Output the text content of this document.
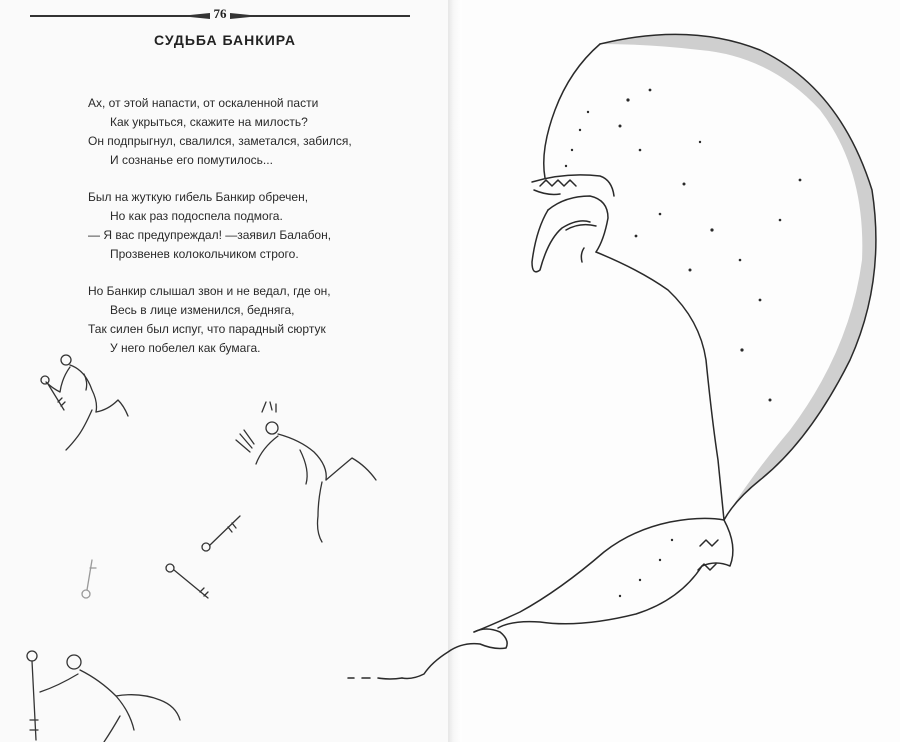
76
СУДЬБА БАНКИРА
Ах, от этой напасти, от оскаленной пасти
Как укрыться, скажите на милость?
Он подпрыгнул, свалился, заметался, забился,
И сознанье его помутилось...
Был на жуткую гибель Банкир обречен,
Но как раз подоспела подмога.
— Я вас предупреждал! —заявил Балабон,
Прозвенев колокольчиком строго.
Но Банкир слышал звон и не ведал, где он,
Весь в лице изменился, бедняга,
Так силен был испуг, что парадный сюртук
У него побелел как бумага.
